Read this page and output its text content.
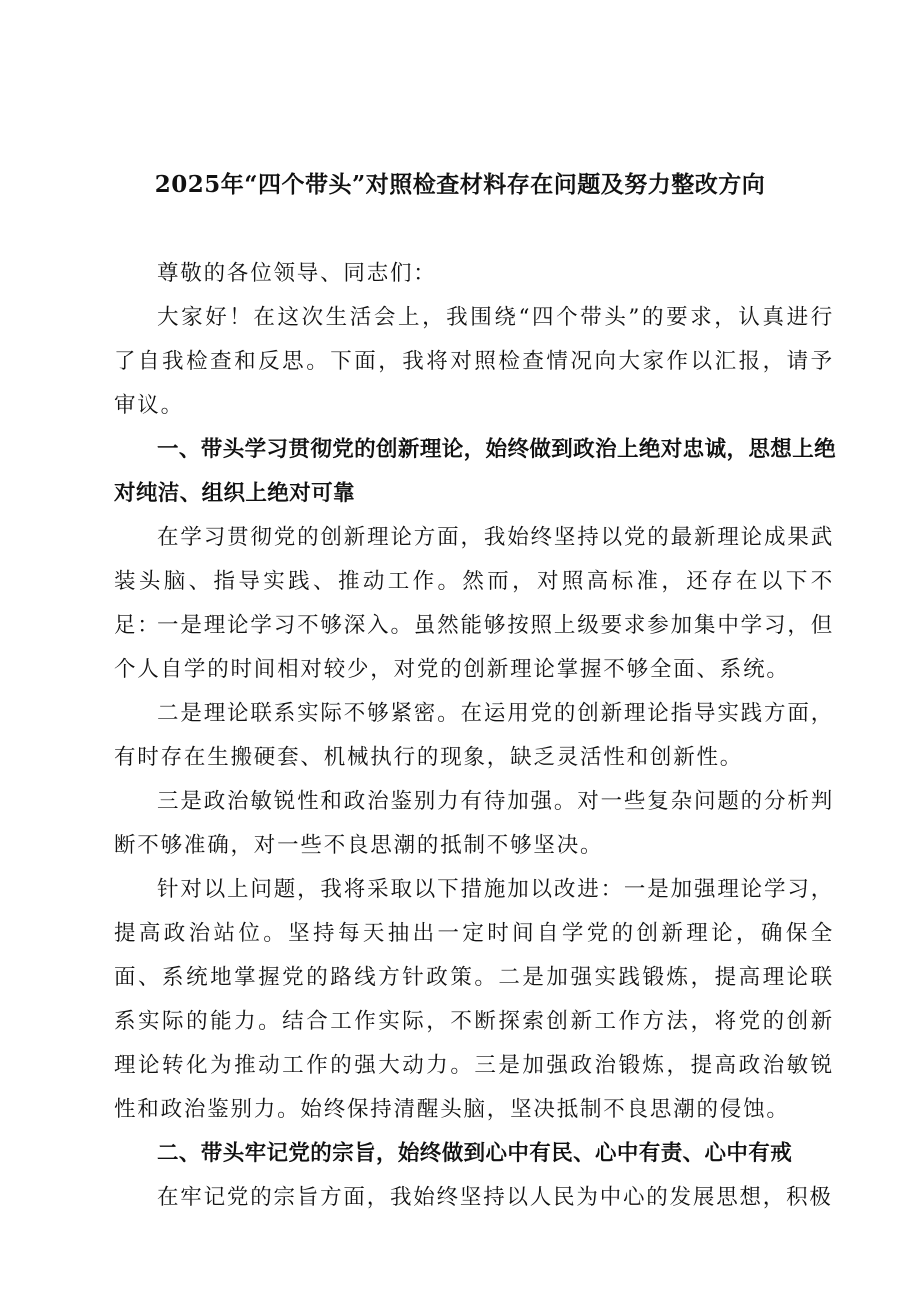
2025年“四个带头”对照检查材料存在问题及努力整改方向

尊敬的各位领导、同志们：

大家好！在这次生活会上，我围绕“四个带头”的要求，认真进行了自我检查和反思。下面，我将对照检查情况向大家作以汇报，请予审议。

一、带头学习贯彻党的创新理论，始终做到政治上绝对忠诚，思想上绝对纯洁、组织上绝对可靠

在学习贯彻党的创新理论方面，我始终坚持以党的最新理论成果武装头脑、指导实践、推动工作。然而，对照高标准，还存在以下不足：

一是理论学习不够深入。虽然能够按照上级要求参加集中学习，但个人自学的时间相对较少，对党的创新理论掌握不够全面、系统。

二是理论联系实际不够紧密。在运用党的创新理论指导实践方面，有时存在生搬硬套、机械执行的现象，缺乏灵活性和创新性。

三是政治敏锐性和政治鉴别力有待加强。对一些复杂问题的分析判断不够准确，对一些不良思潮的抵制不够坚决。

针对以上问题，我将采取以下措施加以改进：一是加强理论学习，提高政治站位。坚持每天抽出一定时间自学党的创新理论，确保全面、系统地掌握党的路线方针政策。二是加强实践锻炼，提高理论联系实际的能力。结合工作实际，不断探索创新工作方法，将党的创新理论转化为推动工作的强大动力。三是加强政治锻炼，提高政治敏锐性和政治鉴别力。始终保持清醒头脑，坚决抵制不良思潮的侵蚀。

二、带头牢记党的宗旨，始终做到心中有民、心中有责、心中有戒

在牢记党的宗旨方面，我始终坚持以人民为中心的发展思想，积极
